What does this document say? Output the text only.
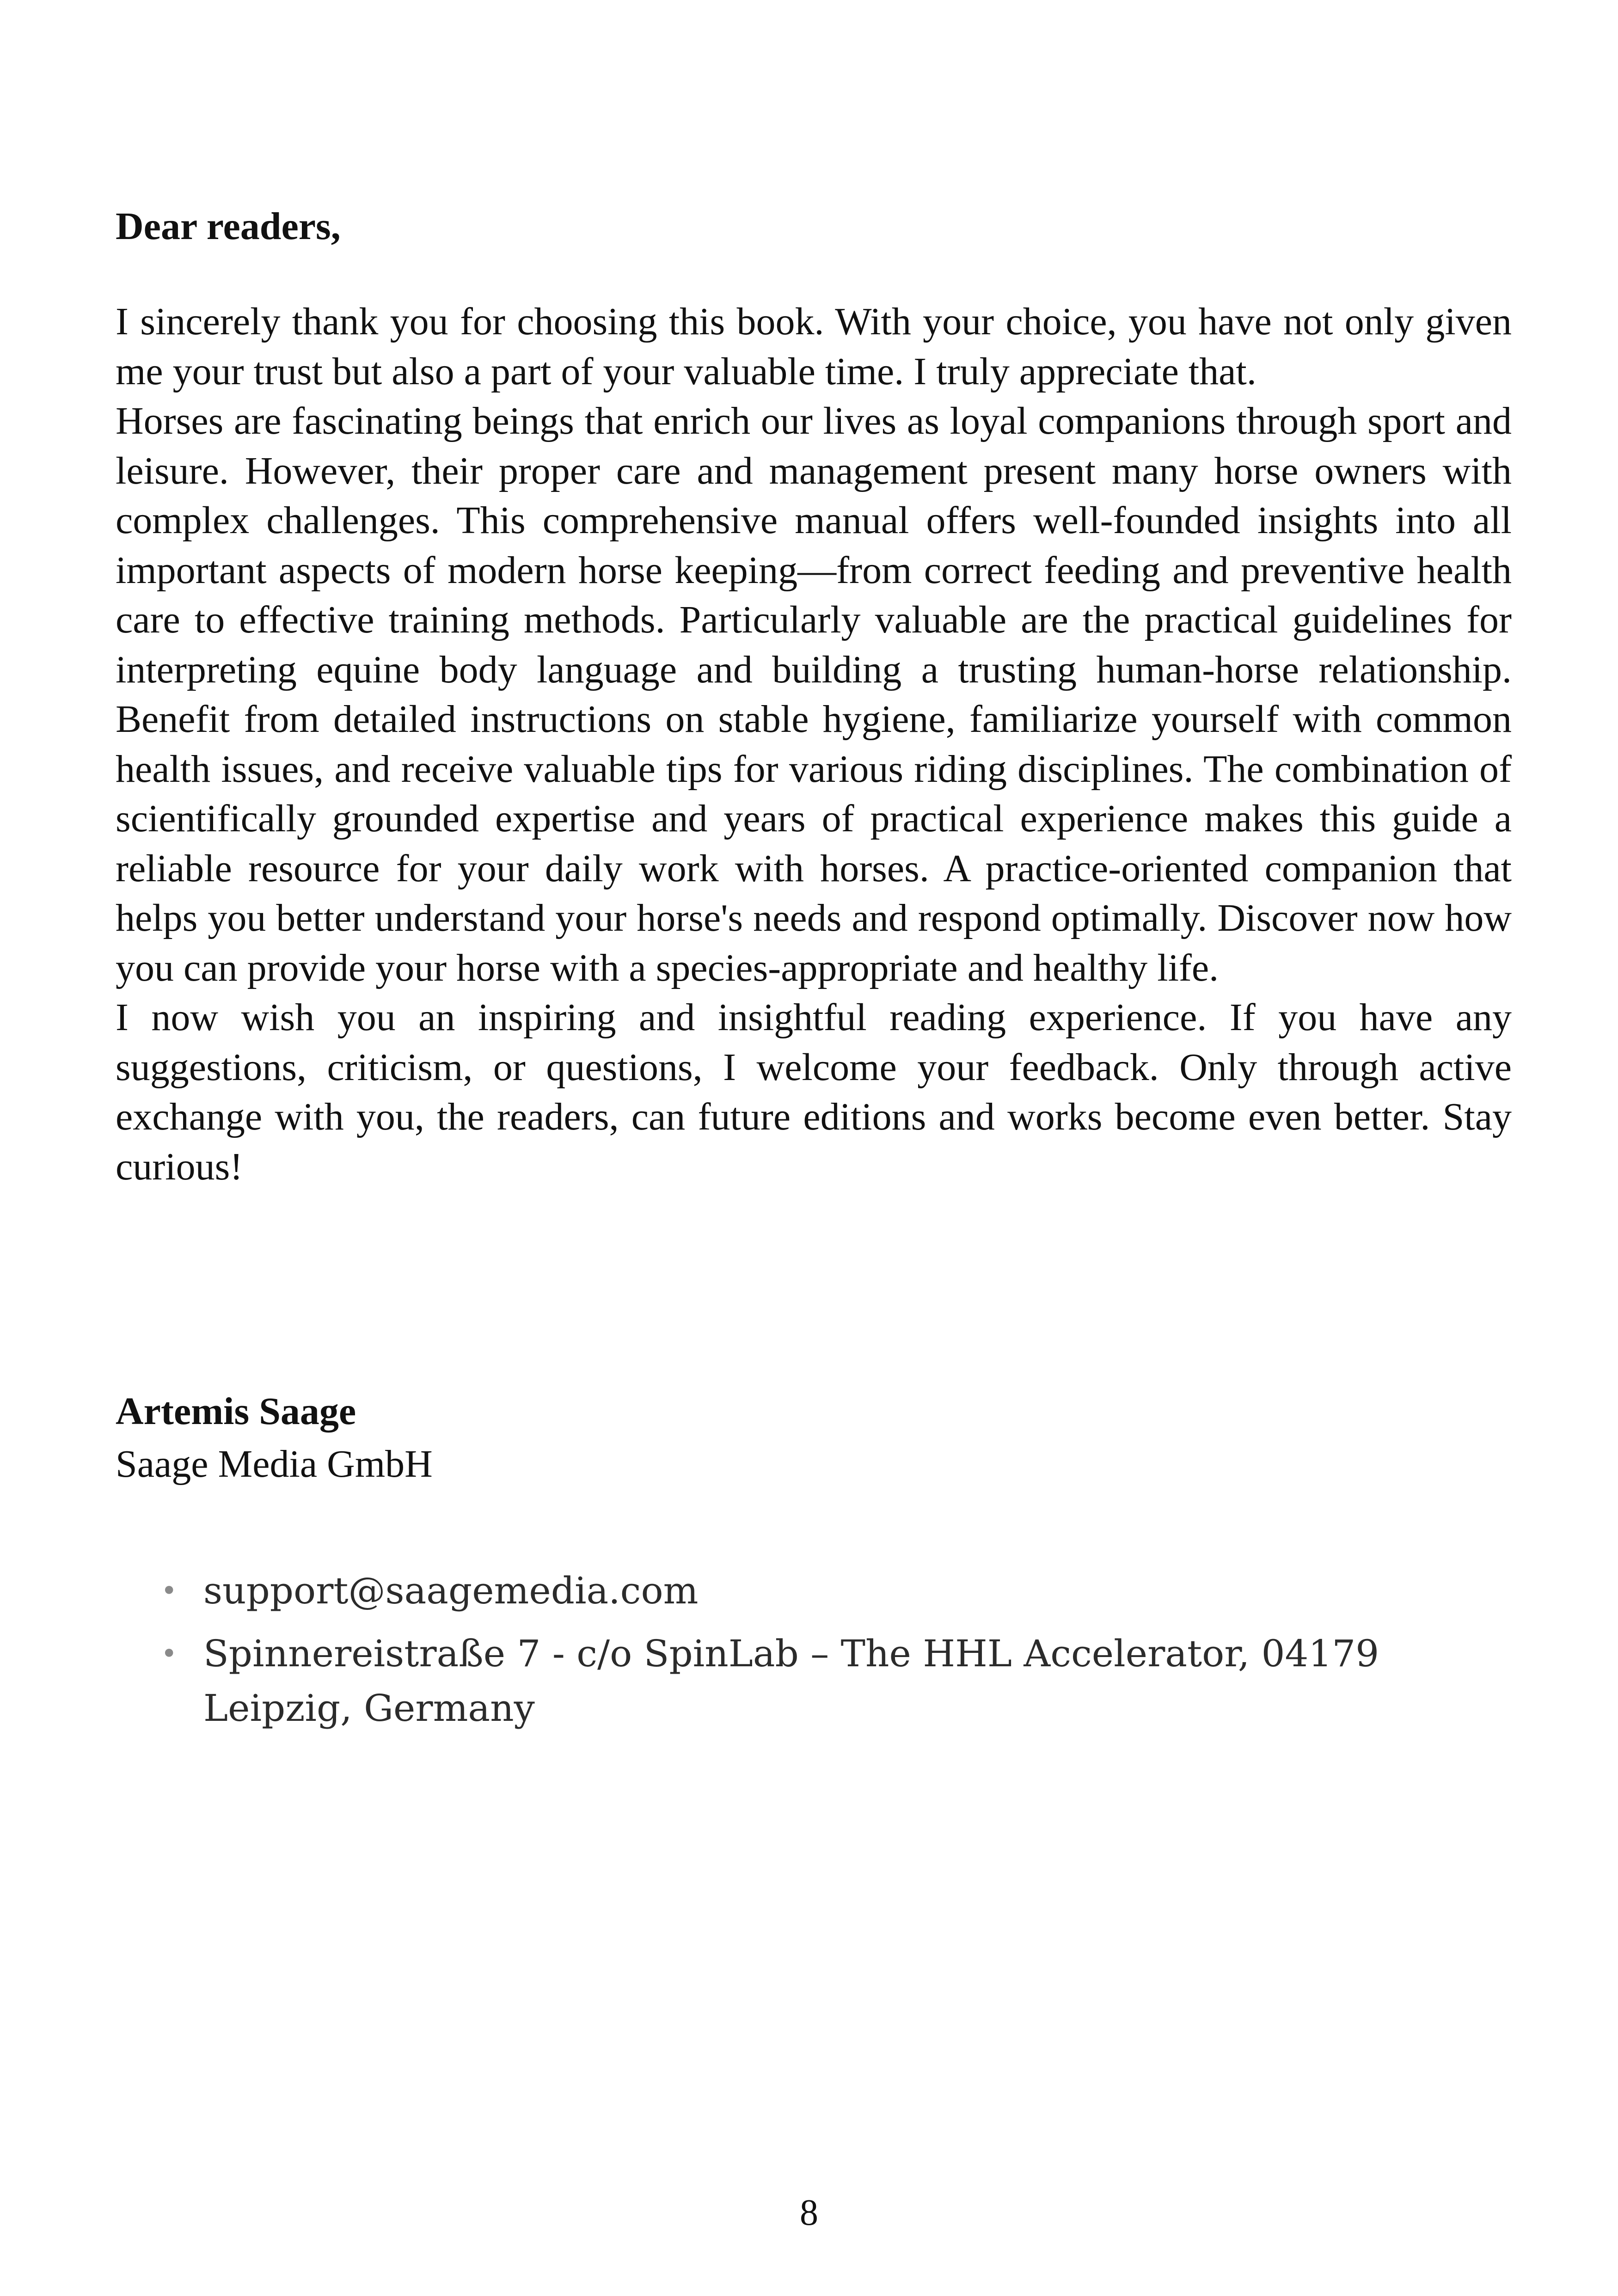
Dear readers,

I sincerely thank you for choosing this book. With your choice, you have not only given me your trust but also a part of your valuable time. I truly appreciate that.

Horses are fascinating beings that enrich our lives as loyal companions through sport and leisure. However, their proper care and management present many horse owners with complex challenges. This comprehensive manual offers well-founded insights into all important aspects of modern horse keeping—from correct feeding and preventive health care to effective training methods. Particularly valuable are the practical guidelines for interpreting equine body language and building a trusting human-horse relationship. Benefit from detailed instructions on stable hygiene, familiarize yourself with common health issues, and receive valuable tips for various riding disciplines. The combination of scientifically grounded expertise and years of practical experience makes this guide a reliable resource for your daily work with horses. A practice-oriented companion that helps you better understand your horse's needs and respond optimally. Discover now how you can provide your horse with a species-appropriate and healthy life.

I now wish you an inspiring and insightful reading experience. If you have any suggestions, criticism, or questions, I welcome your feedback. Only through active exchange with you, the readers, can future editions and works become even better. Stay curious!

Artemis Saage

Saage Media GmbH

• support@saagemedia.com
• Spinnereistraße 7 - c/o SpinLab – The HHL Accelerator, 04179 Leipzig, Germany

8
